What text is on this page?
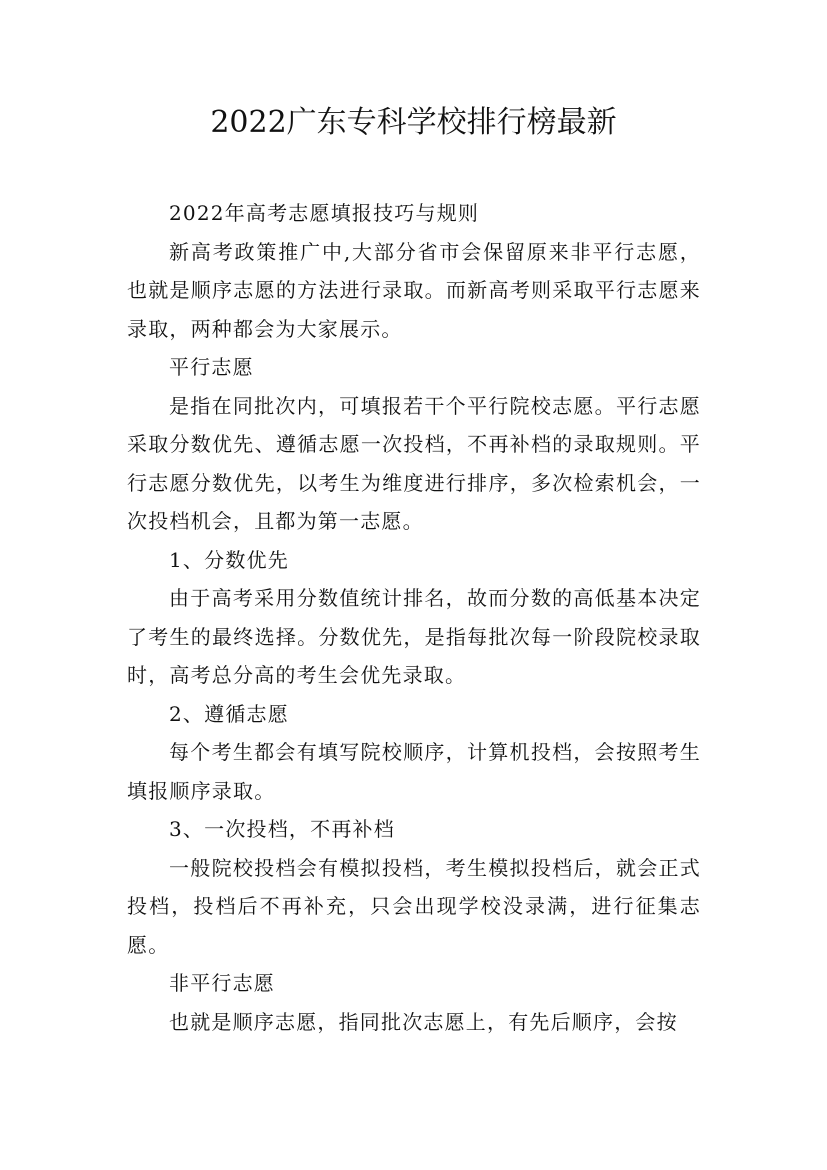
2022广东专科学校排行榜最新

2022年高考志愿填报技巧与规则

新高考政策推广中,大部分省市会保留原来非平行志愿，也就是顺序志愿的方法进行录取。而新高考则采取平行志愿来录取，两种都会为大家展示。

平行志愿

是指在同批次内，可填报若干个平行院校志愿。平行志愿采取分数优先、遵循志愿一次投档，不再补档的录取规则。平行志愿分数优先，以考生为维度进行排序，多次检索机会，一次投档机会，且都为第一志愿。

1、分数优先

由于高考采用分数值统计排名，故而分数的高低基本决定了考生的最终选择。分数优先，是指每批次每一阶段院校录取时，高考总分高的考生会优先录取。

2、遵循志愿

每个考生都会有填写院校顺序，计算机投档，会按照考生填报顺序录取。

3、一次投档，不再补档

一般院校投档会有模拟投档，考生模拟投档后，就会正式投档，投档后不再补充，只会出现学校没录满，进行征集志愿。

非平行志愿

也就是顺序志愿，指同批次志愿上，有先后顺序，会按
